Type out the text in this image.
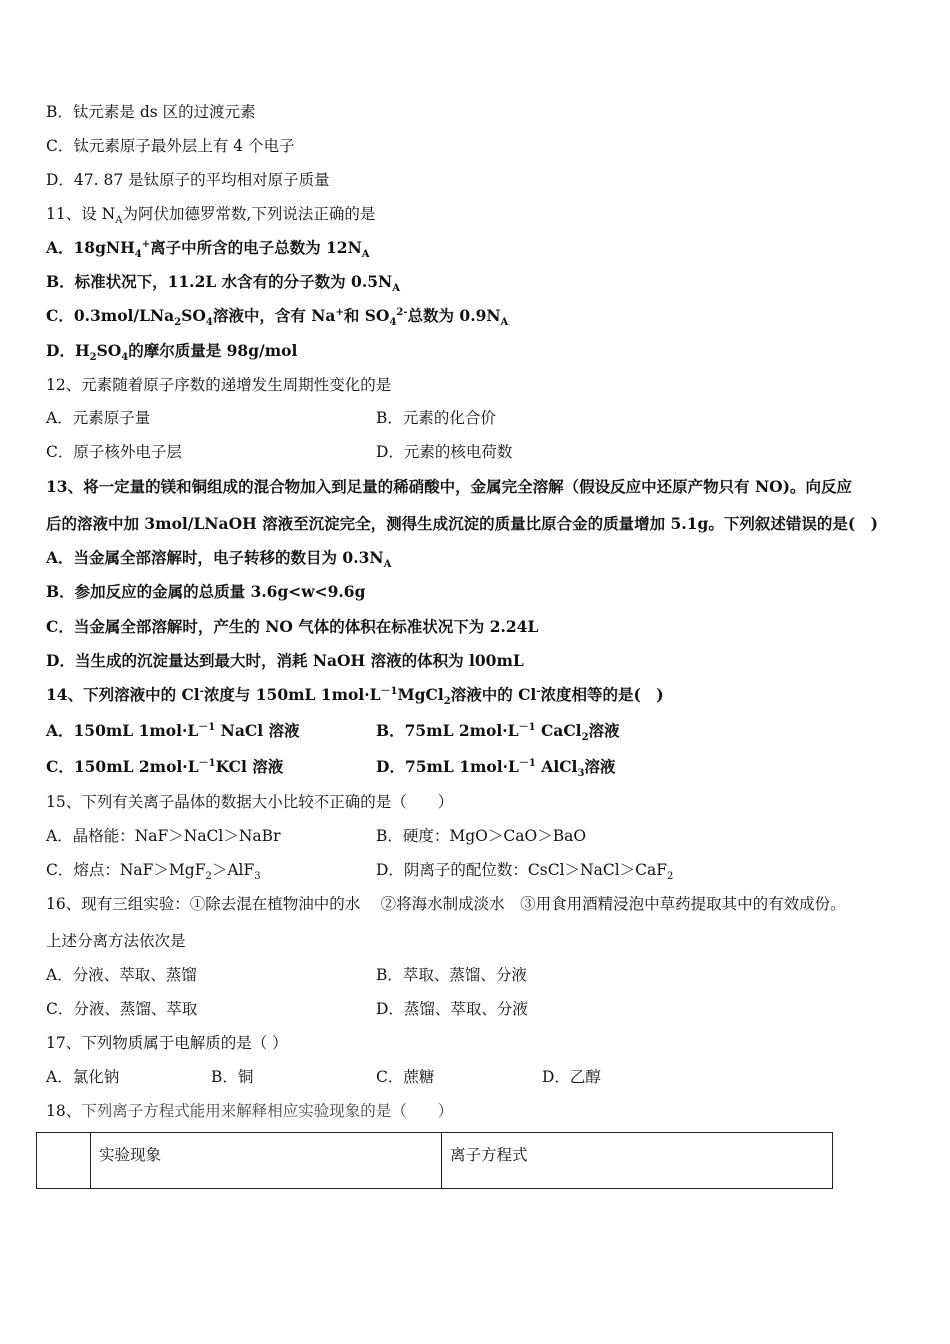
B．钛元素是 ds 区的过渡元素
C．钛元素原子最外层上有 4 个电子
D．47. 87 是钛原子的平均相对原子质量
11、设 $N_A$为阿伏加德罗常数,下列说法正确的是
A．18gNH$_4$+离子中所含的电子总数为 $12N_A$
B．标准状况下，11.2L 水含有的分子数为 $0.5N_A$
C．$0.3mol/LNa_2SO_4$溶液中，含有 Na+和 $SO_4^{2-}$总数为 $0.9N_A$
D．$H_2SO_4$的摩尔质量是 98g/mol
12、元素随着原子序数的递增发生周期性变化的是
A．元素原子量	B．元素的化合价
C．原子核外电子层	D．元素的核电荷数
13、将一定量的镁和铜组成的混合物加入到足量的稀硝酸中，金属完全溶解（假设反应中还原产物只有 NO)。向反应
后的溶液中加 3mol/LNaOH 溶液至沉淀完全，测得生成沉淀的质量比原合金的质量增加 5.1g。下列叙述错误的是(　)
A．当金属全部溶解时，电子转移的数目为 $0.3N_A$
B．参加反应的金属的总质量 3.6g<w<9.6g
C．当金属全部溶解时，产生的 NO 气体的体积在标准状况下为 2.24L
D．当生成的沉淀量达到最大时，消耗 NaOH 溶液的体积为 l00mL
14、下列溶液中的 Cl-浓度与 150mL $1mol\cdot L^{-1}MgCl_2$溶液中的 Cl-浓度相等的是(　)
A．150mL $1mol\cdot L^{-1}$ NaCl 溶液	B．75mL $2mol\cdot L^{-1}$ CaCl$_2$溶液
C．150mL $2mol\cdot L^{-1}KCl$ 溶液	D．75mL $1mol\cdot L^{-1}$ AlCl$_3$溶液
15、下列有关离子晶体的数据大小比较不正确的是（　　）
A．晶格能：NaF＞NaCl＞NaBr	B．硬度：MgO＞CaO＞BaO
C．熔点：NaF＞MgF$_2$＞AlF$_3$	D．阴离子的配位数：CsCl＞NaCl＞CaF$_2$
16、现有三组实验：①除去混在植物油中的水　 ②将海水制成淡水　③用食用酒精浸泡中草药提取其中的有效成份。
上述分离方法依次是
A．分液、萃取、蒸馏	B．萃取、蒸馏、分液
C．分液、蒸馏、萃取	D．蒸馏、萃取、分液
17、下列物质属于电解质的是（ ）
A．氯化钠	B．铜	C．蔗糖	D．乙醇
18、下列离子方程式能用来解释相应实验现象的是（　　）
	实验现象	离子方程式
